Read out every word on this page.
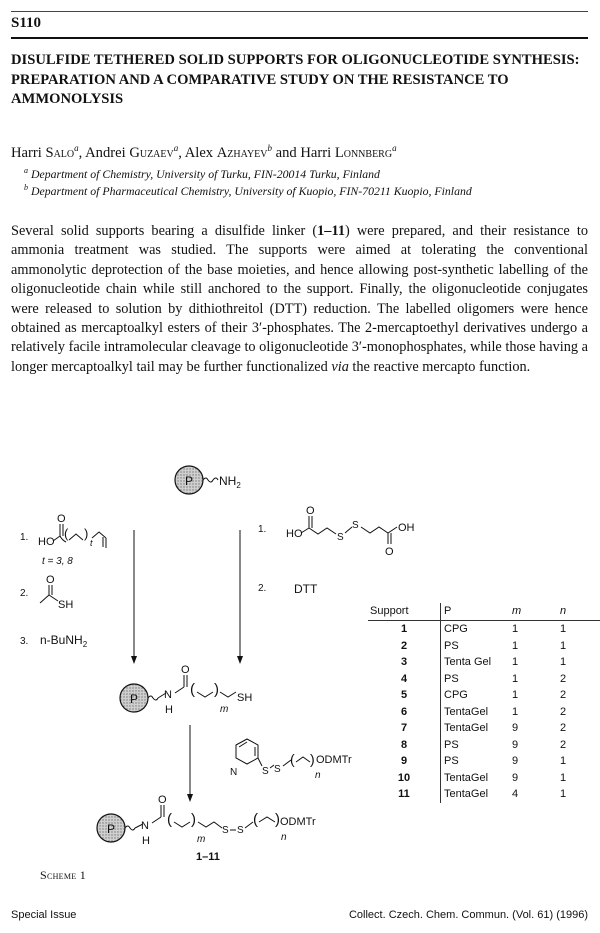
S110
DISULFIDE TETHERED SOLID SUPPORTS FOR OLIGONUCLEOTIDE SYNTHESIS: PREPARATION AND A COMPARATIVE STUDY ON THE RESISTANCE TO AMMONOLYSIS
Harri Salo$^a$, Andrei Guzaev$^a$, Alex Azhayev$^b$ and Harri Lonnberg$^a$
$^a$ Department of Chemistry, University of Turku, FIN-20014 Turku, Finland
$^b$ Department of Pharmaceutical Chemistry, University of Kuopio, FIN-70211 Kuopio, Finland

Several solid supports bearing a disulfide linker (1–11) were prepared, and their resistance to ammonia treatment was studied. The supports were aimed at tolerating the conventional ammonolytic deprotection of the base moieties, and hence allowing post-synthetic labelling of the oligonucleotide chain while still anchored to the support. Finally, the oligonucleotide conjugates were released to solution by dithiothreitol (DTT) reduction. The labelled oligomers were hence obtained as mercaptoalkyl esters of their 3′-phosphates. The 2-mercaptoethyl derivatives undergo a relatively facile intramolecular cleavage to oligonucleotide 3′-monophosphates, while those having a longer mercaptoalkyl tail may be further functionalized via the reactive mercapto function.

P $NH_2$
1. HO
O
( )
t
t = 3, 8
2.
O
SH
3. n-BuNH$_2$
1. HO
O
S
S
O
OH
2. DTT
P N
H
O
( )
m
SH
N S S
( )
n
ODMTr
P N
H
O
( )
m
S S
( )
n
ODMTr
1–11
Support	P	m	n
1	CPG	1	1
2	PS	1	1
3	Tenta Gel	1	1
4	PS	1	2
5	CPG	1	2
6	TentaGel	1	2
7	TentaGel	9	2
8	PS	9	2
9	PS	9	1
10	TentaGel	9	1
11	TentaGel	4	1
Scheme 1
Special Issue	Collect. Czech. Chem. Commun. (Vol. 61) (1996)
